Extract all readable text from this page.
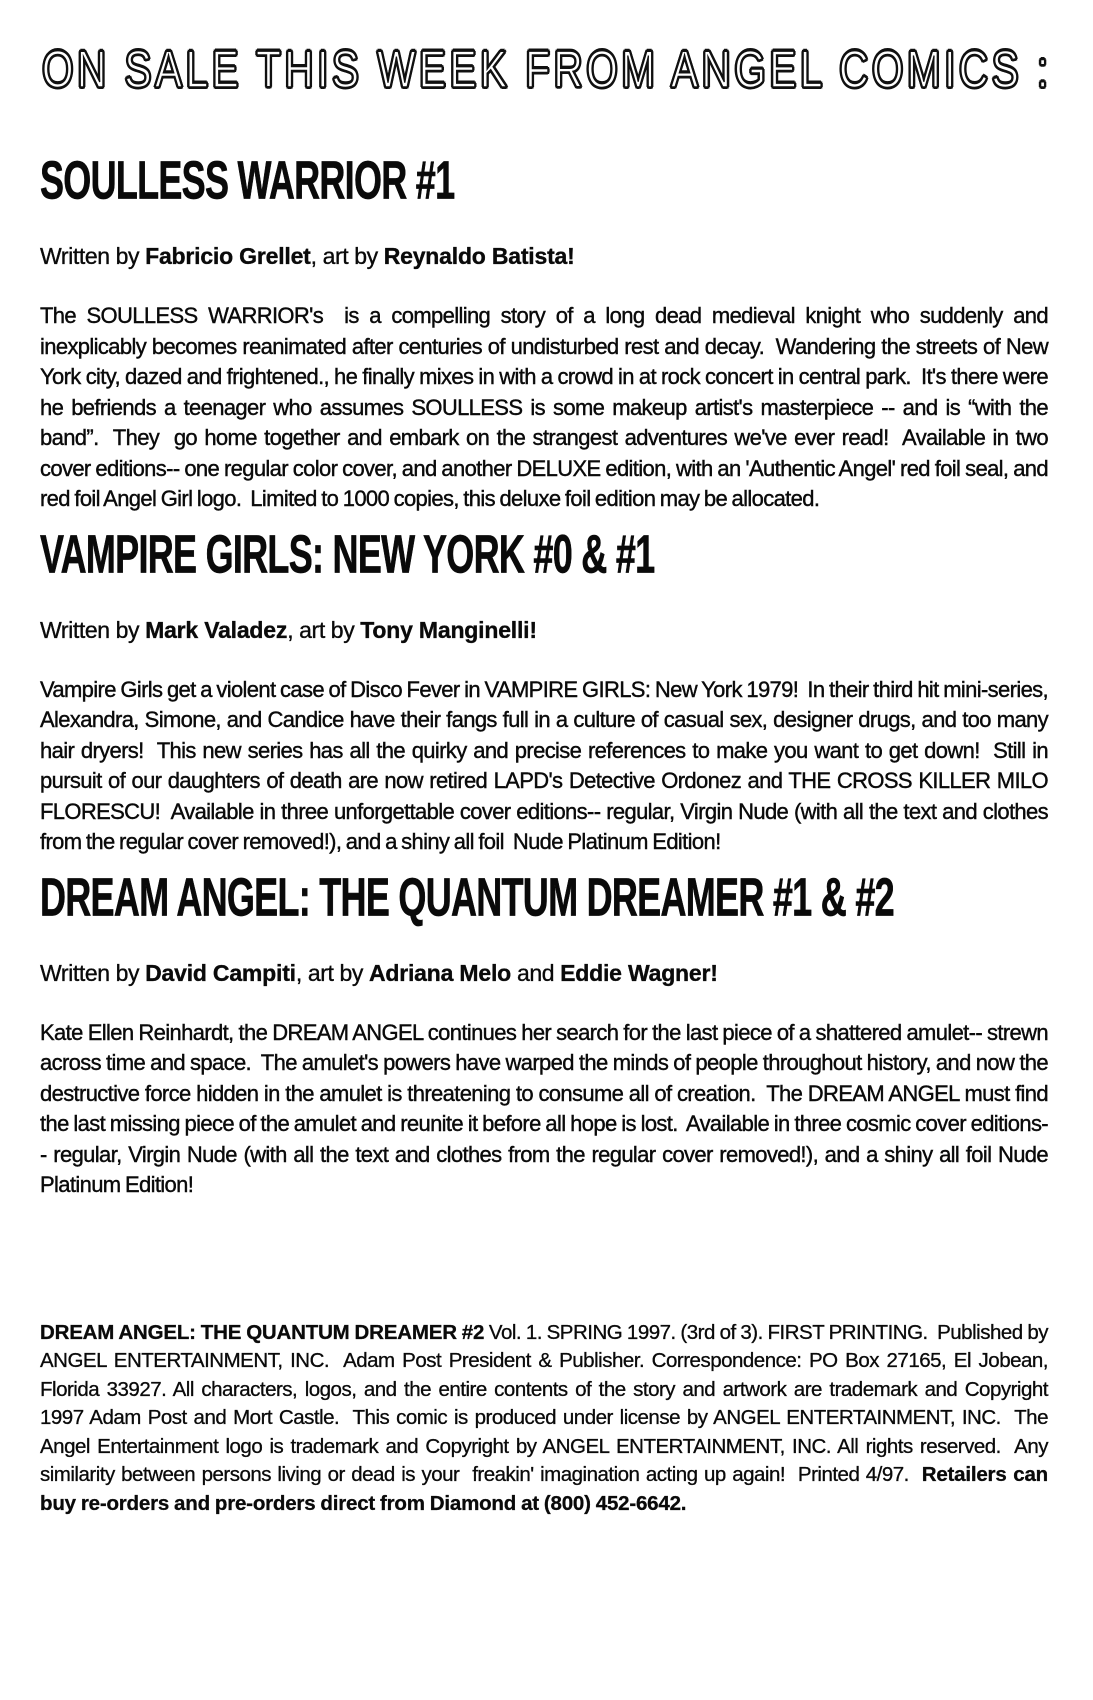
ON SALE THIS WEEK FROM ANGEL COMICS :
SOULLESS WARRIOR #1

Written by Fabricio Grellet, art by Reynaldo Batista!

The SOULLESS WARRIOR's  is a compelling story of a long dead medieval knight who suddenly and inexplicably becomes reanimated after centuries of undisturbed rest and decay.  Wandering the streets of New York city, dazed and frightened., he finally mixes in with a crowd in at rock concert in central park.  It's there were he befriends a teenager who assumes SOULLESS is some makeup artist's masterpiece -- and is “with the band”.  They  go home together and embark on the strangest adventures we've ever read!  Available in two cover editions-- one regular color cover, and another DELUXE edition, with an 'Authentic Angel' red foil seal, and red foil Angel Girl logo.  Limited to 1000 copies, this deluxe foil edition may be allocated.

VAMPIRE GIRLS: NEW YORK #0 & #1

Written by Mark Valadez, art by Tony Manginelli!

Vampire Girls get a violent case of Disco Fever in VAMPIRE GIRLS: New York 1979!  In their third hit mini-series, Alexandra, Simone, and Candice have their fangs full in a culture of casual sex, designer drugs, and too many hair dryers!  This new series has all the quirky and precise references to make you want to get down!  Still in pursuit of our daughters of death are now retired LAPD's Detective Ordonez and THE CROSS KILLER MILO FLORESCU!  Available in three unforgettable cover editions-- regular, Virgin Nude (with all the text and clothes from the regular cover removed!), and a shiny all foil  Nude Platinum Edition!

DREAM ANGEL: THE QUANTUM DREAMER #1 & #2

Written by David Campiti, art by Adriana Melo and Eddie Wagner!

Kate Ellen Reinhardt, the DREAM ANGEL continues her search for the last piece of a shattered amulet-- strewn across time and space.  The amulet's powers have warped the minds of people throughout history, and now the destructive force hidden in the amulet is threatening to consume all of creation.  The DREAM ANGEL must find the last missing piece of the amulet and reunite it before all hope is lost.  Available in three cosmic cover editions-- regular, Virgin Nude (with all the text and clothes from the regular cover removed!), and a shiny all foil Nude Platinum Edition!

DREAM ANGEL: THE QUANTUM DREAMER #2 Vol. 1. SPRING 1997. (3rd of 3). FIRST PRINTING.  Published by ANGEL ENTERTAINMENT, INC.  Adam Post President & Publisher. Correspondence: PO Box 27165, El Jobean, Florida 33927. All characters, logos, and the entire contents of the story and artwork are trademark and Copyright 1997 Adam Post and Mort Castle.  This comic is produced under license by ANGEL ENTERTAINMENT, INC.  The Angel Entertainment logo is trademark and Copyright by ANGEL ENTERTAINMENT, INC. All rights reserved.  Any similarity between persons living or dead is your  freakin' imagination acting up again!  Printed 4/97.  Retailers can buy re-orders and pre-orders direct from Diamond at (800) 452-6642.
